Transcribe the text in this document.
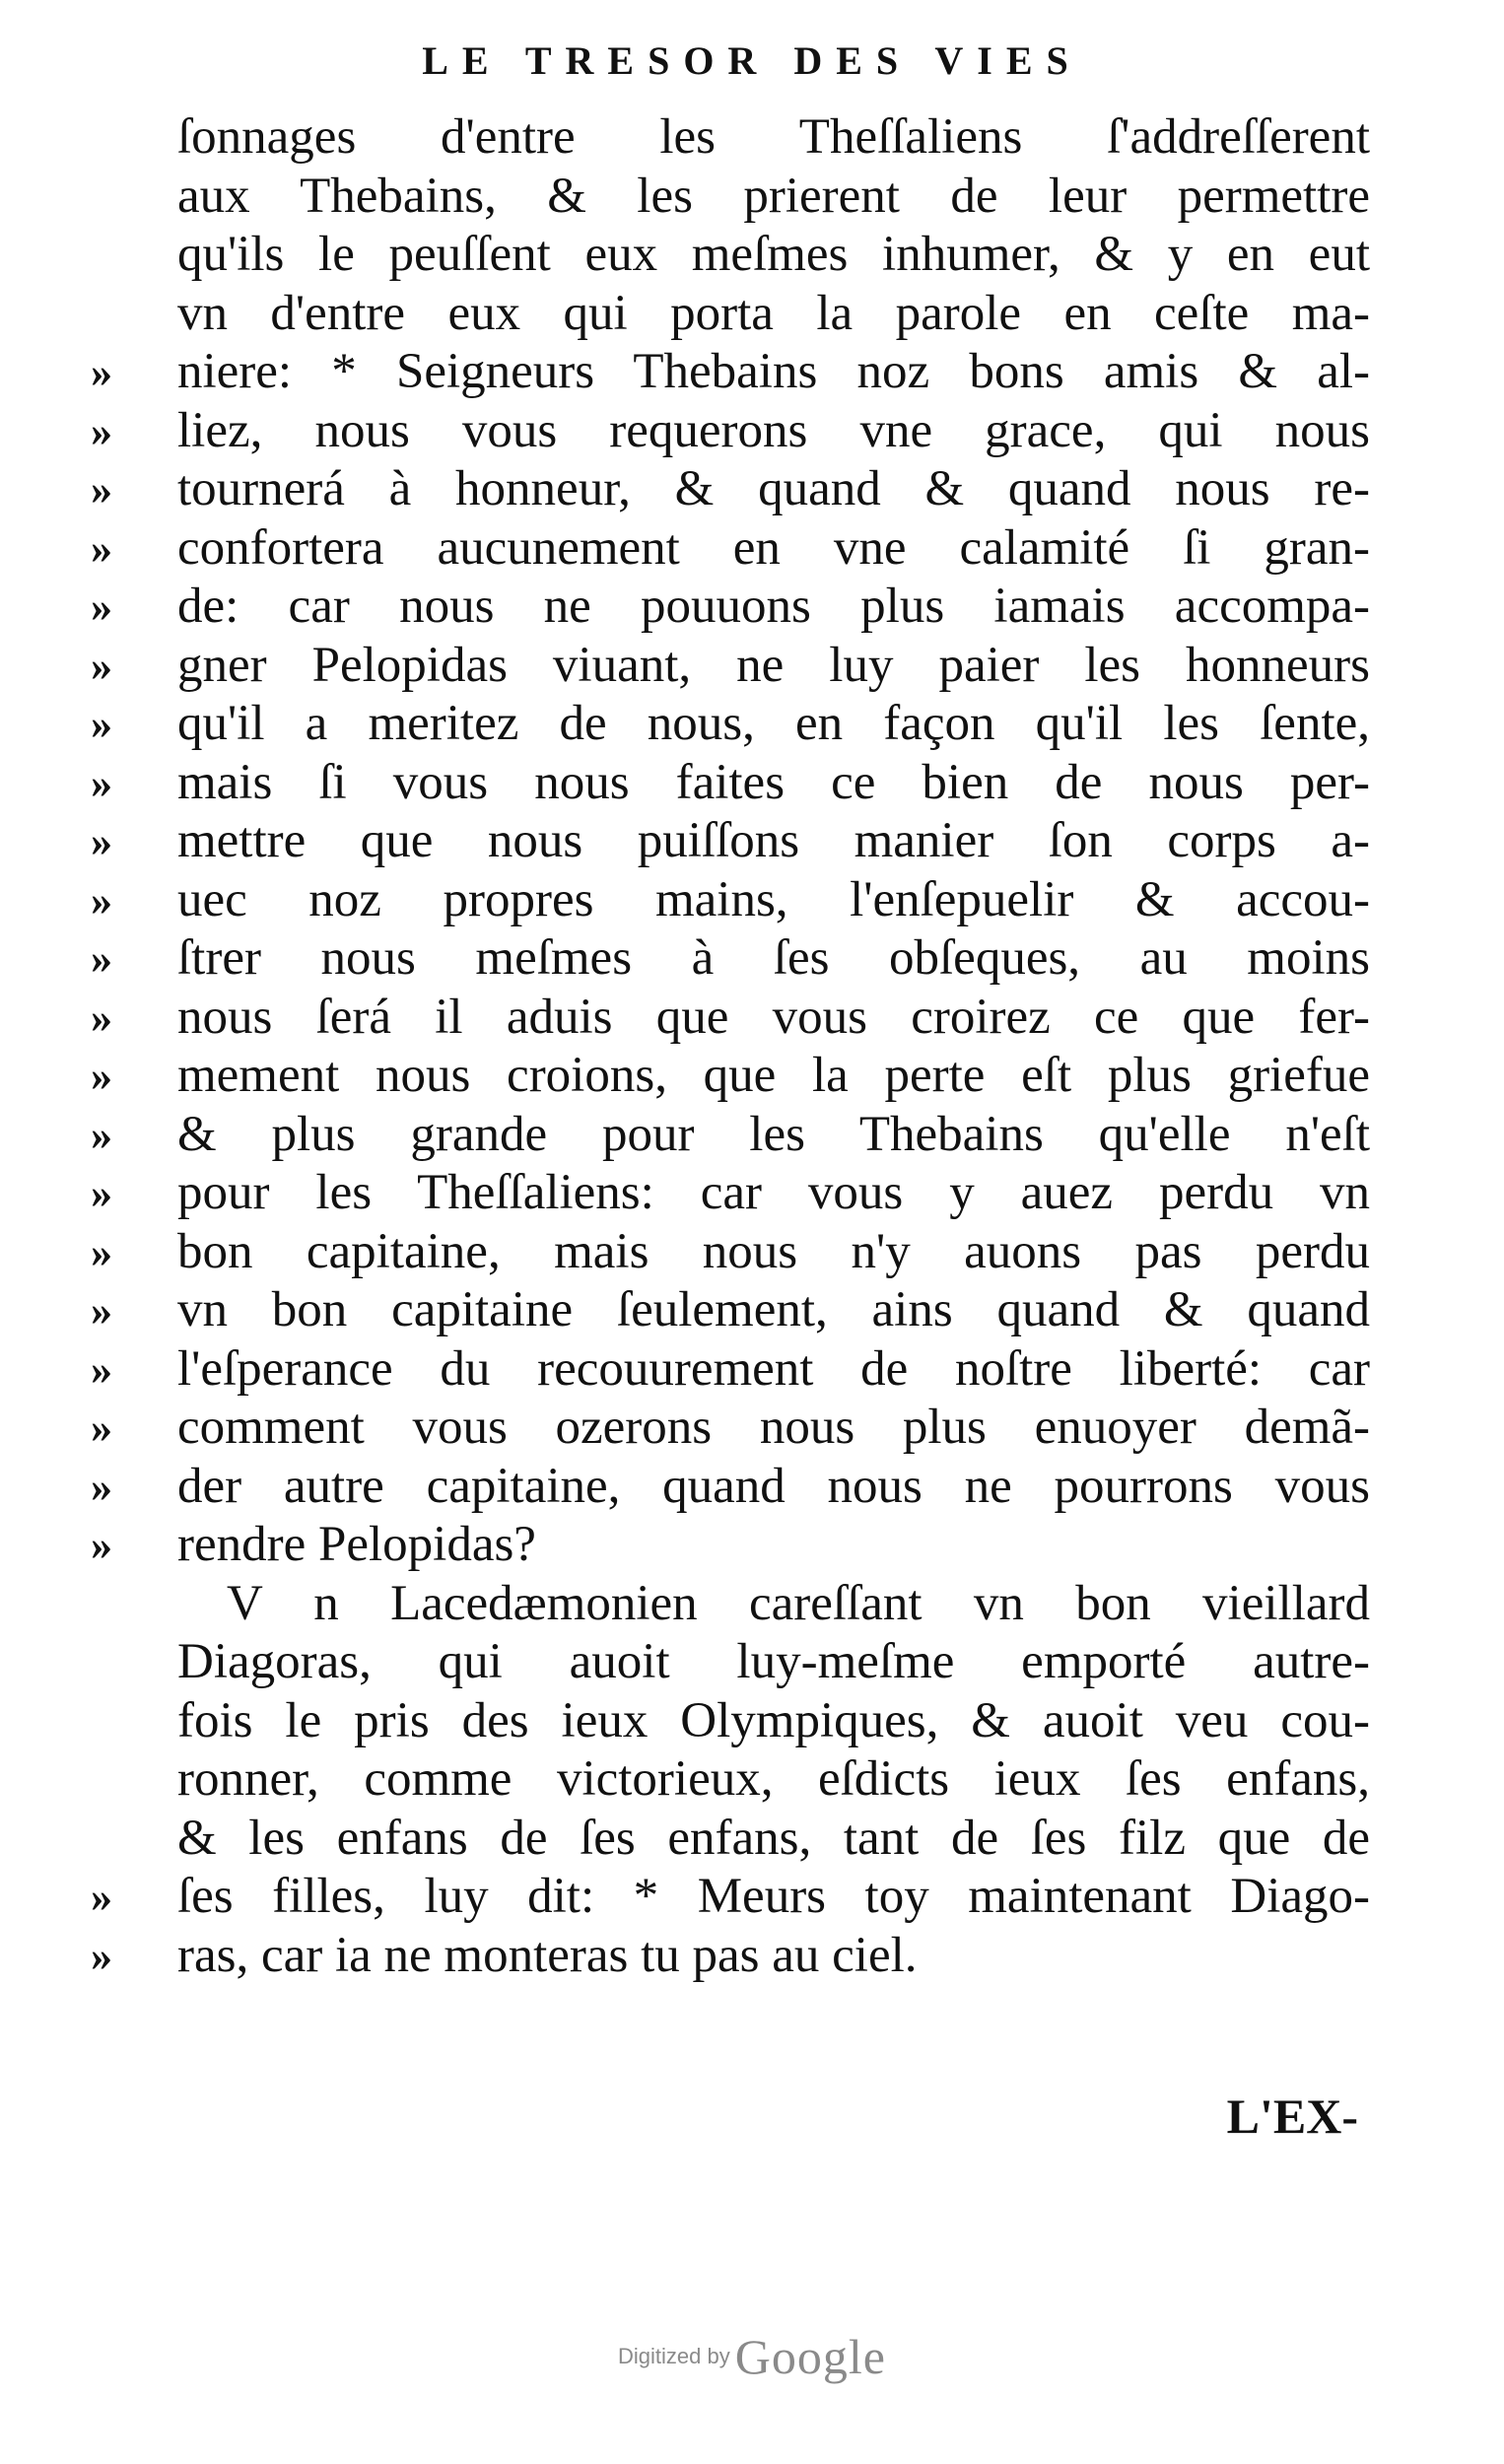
LE TRESOR DES VIES
ſonnages d'entre les Theſſaliens ſ'addreſſerent
aux Thebains, & les prierent de leur permettre
qu'ils le peuſſent eux meſmes inhumer, & y en eut
vn d'entre eux qui porta la parole en ceſte ma-
»	niere: * Seigneurs Thebains noz bons amis & al-
»	liez, nous vous requerons vne grace, qui nous
»	tournerá à honneur, & quand & quand nous re-
»	confortera aucunement en vne calamité ſi gran-
»	de: car nous ne pouuons plus iamais accompa-
»	gner Pelopidas viuant, ne luy paier les honneurs
»	qu'il a meritez de nous, en façon qu'il les ſente,
»	mais ſi vous nous faites ce bien de nous per-
»	mettre que nous puiſſons manier ſon corps a-
»	uec noz propres mains, l'enſepuelir & accou-
»	ſtrer nous meſmes à ſes obſeques, au moins
»	nous ſerá il aduis que vous croirez ce que fer-
»	mement nous croions, que la perte eſt plus griefue
»	& plus grande pour les Thebains qu'elle n'eſt
»	pour les Theſſaliens: car vous y auez perdu vn
»	bon capitaine, mais nous n'y auons pas perdu
»	vn bon capitaine ſeulement, ains quand & quand
»	l'eſperance du recouurement de noſtre liberté: car
»	comment vous ozerons nous plus enuoyer demã-
»	der autre capitaine, quand nous ne pourrons vous
»	rendre Pelopidas?
V n Lacedæmonien careſſant vn bon vieillard
Diagoras, qui auoit luy-meſme emporté autre-
fois le pris des ieux Olympiques, & auoit veu cou-
ronner, comme victorieux, eſdicts ieux ſes enfans,
& les enfans de ſes enfans, tant de ſes filz que de
»	ſes filles, luy dit: * Meurs toy maintenant Diago-
»	ras, car ia ne monteras tu pas au ciel.
L'EX-
Digitized by Google
